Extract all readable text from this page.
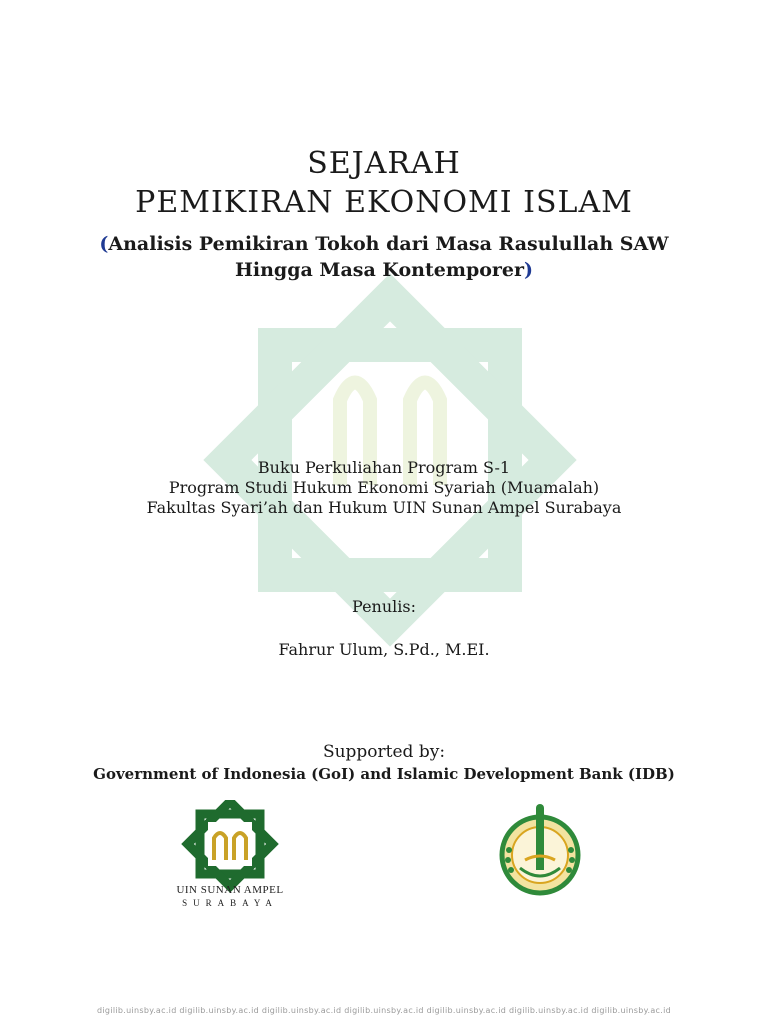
SEJARAH
PEMIKIRAN EKONOMI ISLAM
(Analisis Pemikiran Tokoh dari Masa Rasulullah SAW
Hingga Masa Kontemporer)
Buku Perkuliahan Program S-1
Program Studi Hukum Ekonomi Syariah (Muamalah)
Fakultas Syari’ah dan Hukum UIN Sunan Ampel Surabaya
Penulis:
Fahrur Ulum, S.Pd., M.EI.
Supported by:
Government of Indonesia (GoI) and Islamic Development Bank (IDB)
UIN SUNAN AMPEL
SURABAYA
digilib.uinsby.ac.id digilib.uinsby.ac.id digilib.uinsby.ac.id digilib.uinsby.ac.id digilib.uinsby.ac.id digilib.uinsby.ac.id digilib.uinsby.ac.id
